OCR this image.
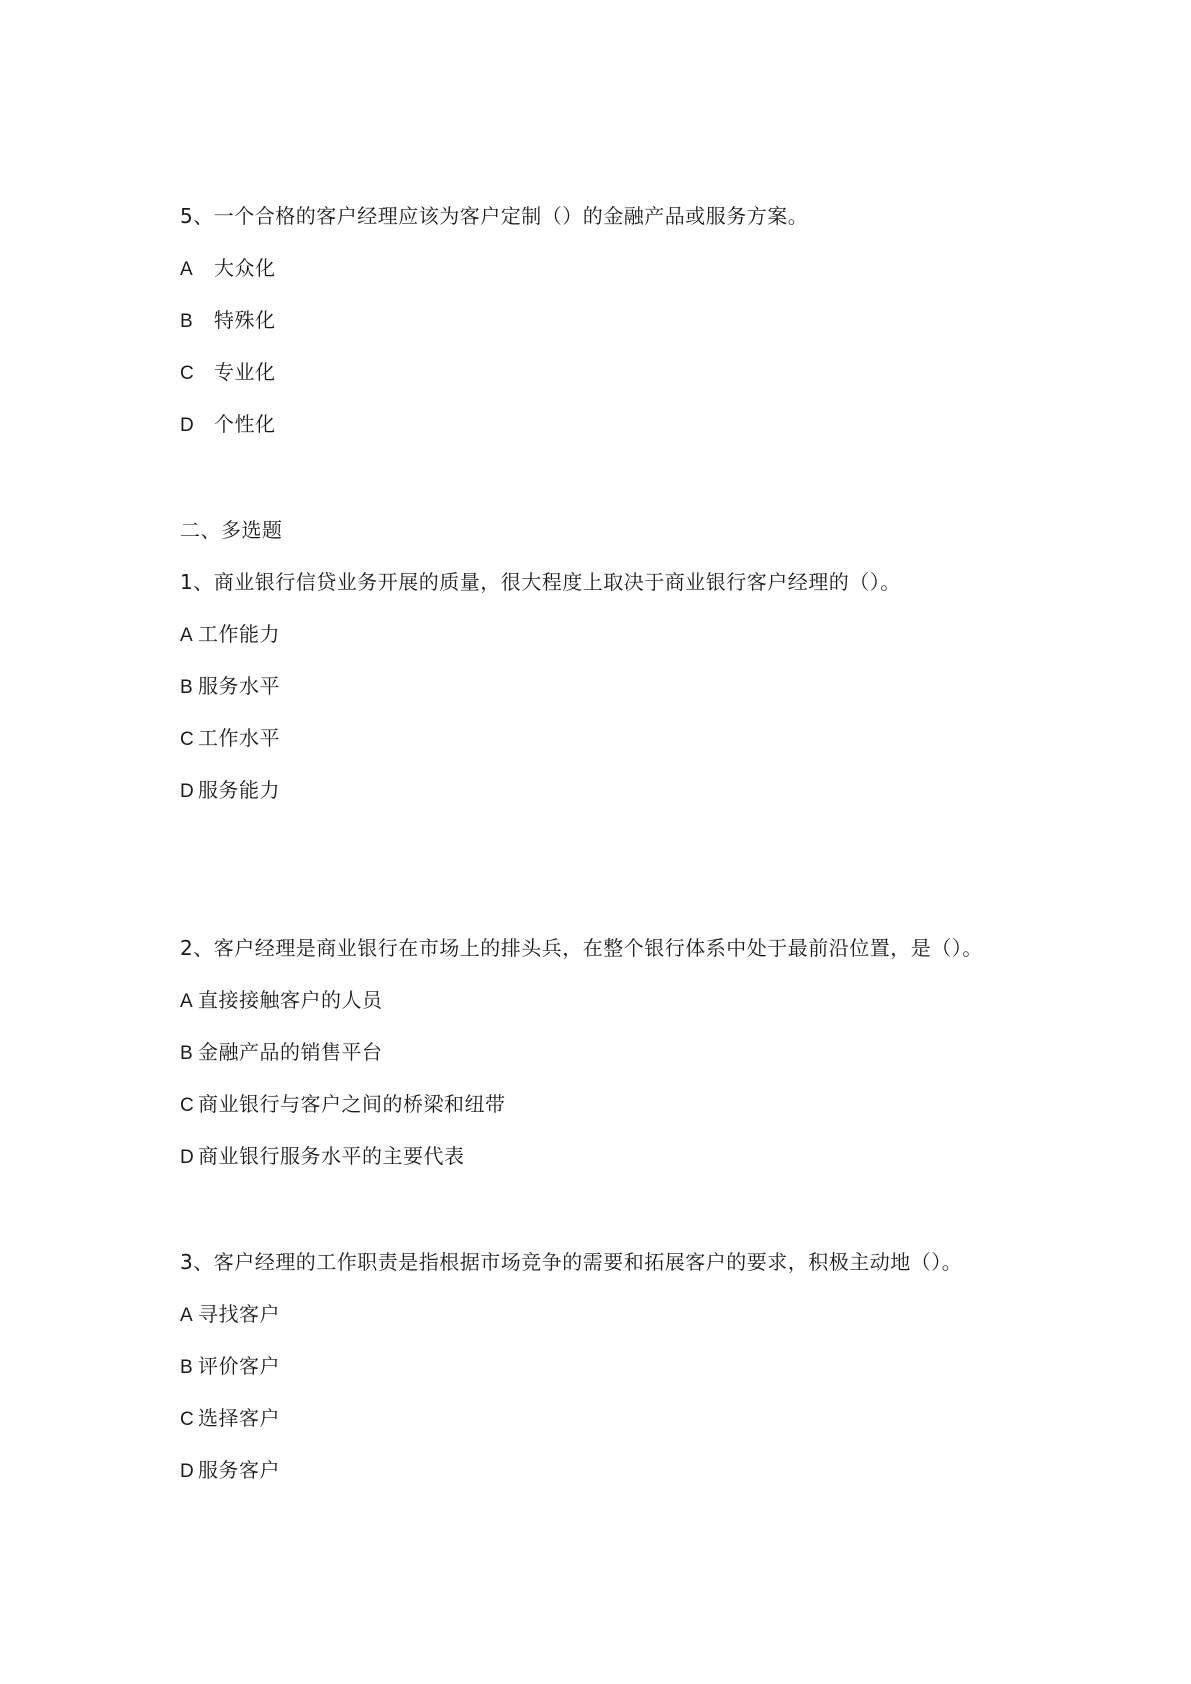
5、一个合格的客户经理应该为客户定制（）的金融产品或服务方案。
A 大众化
B 特殊化
C 专业化
D 个性化
二、多选题
1、商业银行信贷业务开展的质量，很大程度上取决于商业银行客户经理的（）。
A 工作能力
B 服务水平
C 工作水平
D 服务能力
2、客户经理是商业银行在市场上的排头兵，在整个银行体系中处于最前沿位置，是（）。
A 直接接触客户的人员
B 金融产品的销售平台
C 商业银行与客户之间的桥梁和纽带
D 商业银行服务水平的主要代表
3、客户经理的工作职责是指根据市场竞争的需要和拓展客户的要求，积极主动地（）。
A 寻找客户
B 评价客户
C 选择客户
D 服务客户
